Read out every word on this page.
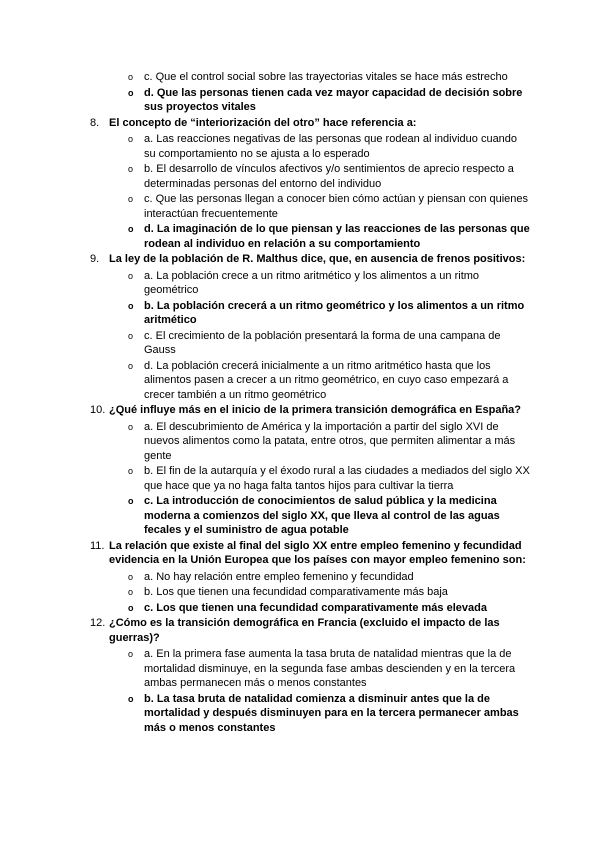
o c. Que el control social sobre las trayectorias vitales se hace más estrecho
o d. Que las personas tienen cada vez mayor capacidad de decisión sobre sus proyectos vitales
8. El concepto de “interiorización del otro” hace referencia a:
o a. Las reacciones negativas de las personas que rodean al individuo cuando su comportamiento no se ajusta a lo esperado
o b. El desarrollo de vínculos afectivos y/o sentimientos de aprecio respecto a determinadas personas del entorno del individuo
o c. Que las personas llegan a conocer bien cómo actúan y piensan con quienes interactúan frecuentemente
o d. La imaginación de lo que piensan y las reacciones de las personas que rodean al individuo en relación a su comportamiento
9. La ley de la población de R. Malthus dice, que, en ausencia de frenos positivos:
o a. La población crece a un ritmo aritmético y los alimentos a un ritmo geométrico
o b. La población crecerá a un ritmo geométrico y los alimentos a un ritmo aritmético
o c. El crecimiento de la población presentará la forma de una campana de Gauss
o d. La población crecerá inicialmente a un ritmo aritmético hasta que los alimentos pasen a crecer a un ritmo geométrico, en cuyo caso empezará a crecer también a un ritmo geométrico
10. ¿Qué influye más en el inicio de la primera transición demográfica en España?
o a. El descubrimiento de América y la importación a partir del siglo XVI de nuevos alimentos como la patata, entre otros, que permiten alimentar a más gente
o b. El fin de la autarquía y el éxodo rural a las ciudades a mediados del siglo XX que hace que ya no haga falta tantos hijos para cultivar la tierra
o c. La introducción de conocimientos de salud pública y la medicina moderna a comienzos del siglo XX, que lleva al control de las aguas fecales y el suministro de agua potable
11. La relación que existe al final del siglo XX entre empleo femenino y fecundidad evidencia en la Unión Europea que los países con mayor empleo femenino son:
o a. No hay relación entre empleo femenino y fecundidad
o b. Los que tienen una fecundidad comparativamente más baja
o c. Los que tienen una fecundidad comparativamente más elevada
12. ¿Cómo es la transición demográfica en Francia (excluido el impacto de las guerras)?
o a. En la primera fase aumenta la tasa bruta de natalidad mientras que la de mortalidad disminuye, en la segunda fase ambas descienden y en la tercera ambas permanecen más o menos constantes
o b. La tasa bruta de natalidad comienza a disminuir antes que la de mortalidad y después disminuyen para en la tercera permanecer ambas más o menos constantes
